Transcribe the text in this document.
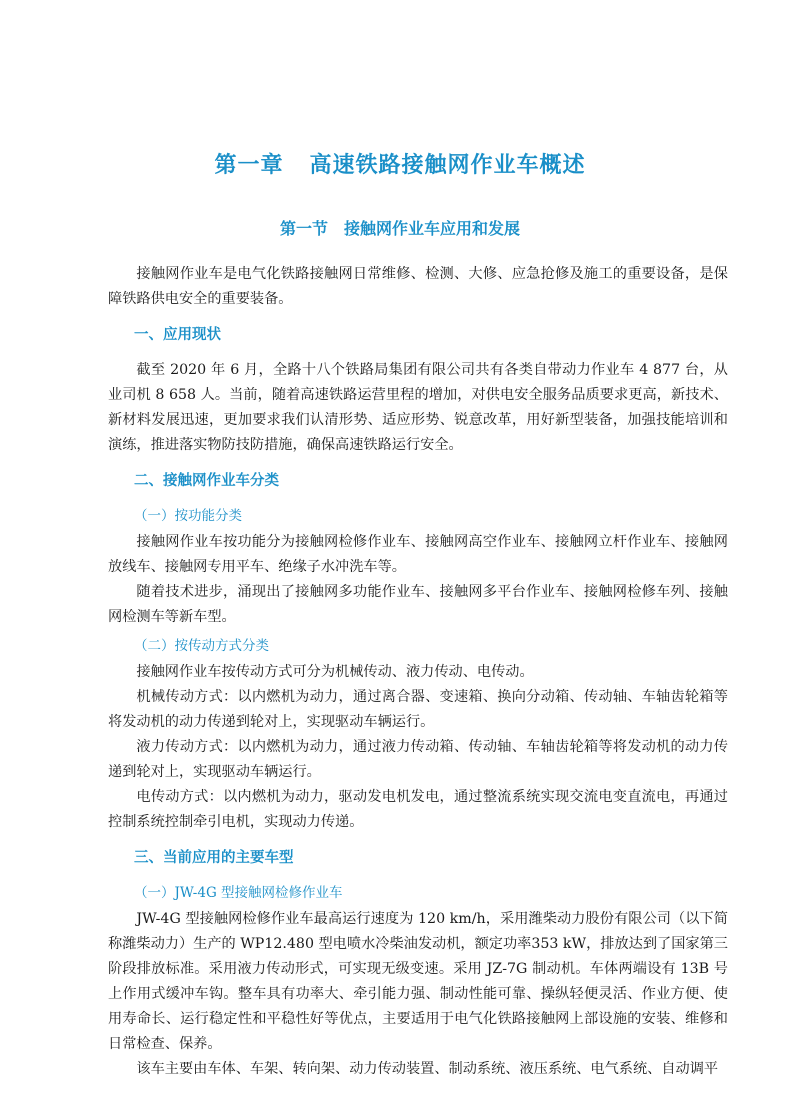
第一章 高速铁路接触网作业车概述
第一节 接触网作业车应用和发展

接触网作业车是电气化铁路接触网日常维修、检测、大修、应急抢修及施工的重要设备，是保障铁路供电安全的重要装备。

一、应用现状

截至 2020 年 6 月，全路十八个铁路局集团有限公司共有各类自带动力作业车 4 877 台，从业司机 8 658 人。当前，随着高速铁路运营里程的增加，对供电安全服务品质要求更高，新技术、新材料发展迅速，更加要求我们认清形势、适应形势、锐意改革，用好新型装备，加强技能培训和演练，推进落实物防技防措施，确保高速铁路运行安全。

二、接触网作业车分类
（一）按功能分类

接触网作业车按功能分为接触网检修作业车、接触网高空作业车、接触网立杆作业车、接触网放线车、接触网专用平车、绝缘子水冲洗车等。

随着技术进步，涌现出了接触网多功能作业车、接触网多平台作业车、接触网检修车列、接触网检测车等新车型。

（二）按传动方式分类

接触网作业车按传动方式可分为机械传动、液力传动、电传动。

机械传动方式：以内燃机为动力，通过离合器、变速箱、换向分动箱、传动轴、车轴齿轮箱等将发动机的动力传递到轮对上，实现驱动车辆运行。

液力传动方式：以内燃机为动力，通过液力传动箱、传动轴、车轴齿轮箱等将发动机的动力传递到轮对上，实现驱动车辆运行。

电传动方式：以内燃机为动力，驱动发电机发电，通过整流系统实现交流电变直流电，再通过控制系统控制牵引电机，实现动力传递。

三、当前应用的主要车型
（一）JW-4G 型接触网检修作业车

JW-4G 型接触网检修作业车最高运行速度为 120 km/h，采用潍柴动力股份有限公司（以下简称潍柴动力）生产的 WP12.480 型电喷水冷柴油发动机，额定功率353 kW，排放达到了国家第三阶段排放标准。采用液力传动形式，可实现无级变速。采用 JZ-7G 制动机。车体两端设有 13B 号上作用式缓冲车钩。整车具有功率大、牵引能力强、制动性能可靠、操纵轻便灵活、作业方便、使用寿命长、运行稳定性和平稳性好等优点，主要适用于电气化铁路接触网上部设施的安装、维修和日常检查、保养。

该车主要由车体、车架、转向架、动力传动装置、制动系统、液压系统、电气系统、自动调平
